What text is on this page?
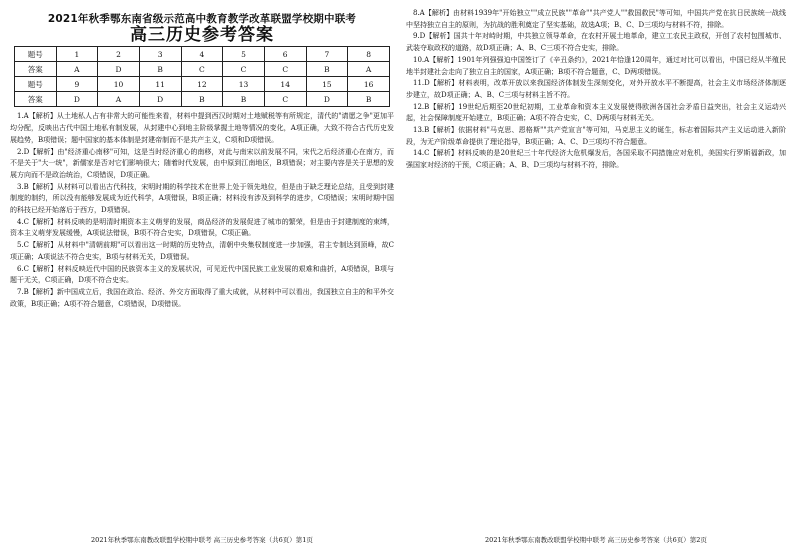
2021年秋季鄂东南省级示范高中教育教学改革联盟学校期中联考
高三历史参考答案
题号	1	2	3	4	5	6	7	8
答案	A	D	B	C	C	C	B	A
题号	9	10	11	12	13	14	15	16
答案	D	A	D	B	B	C	D	B

1.A【解析】从土地私人占有非常大的可能性来看，材料中提到西汉时期对土地赋税等有所规定，清代的"请愿之争"更加平均分配，反映出古代中国土地私有制发展，从封建中心到地主阶级掌握土地等情况的变化，A项正确，大致不符合古代历史发展趋势，B项错误；题中国家的基本体制是封建帝制而不是共产主义，C项和D项错误。

2.D【解析】由"经济重心南移"可知，这是当时经济重心的南移，对此与南宋以前发展不同，宋代之后经济重心在南方，而不是关于"大一统"，新儒家是否对它们影响很大；随着时代发展，由中原到江南地区，B项错误；对主要内容是关于思想的发展方向而不是政治统治，C项错误，D项正确。

3.B【解析】从材料可以看出古代科技，宋明时期的科学技术在世界上处于领先地位，但是由于缺乏理论总结，且受到封建制度的制约，所以没有能够发展成为近代科学，A项错误，B项正确；材料没有涉及到科学的进步，C项错误；宋明时期中国的科技已经开始落后于西方，D项错误。

4.C【解析】材料反映的是明清时期资本主义萌芽的发展，商品经济的发展促进了城市的繁荣，但是由于封建制度的束缚，资本主义萌芽发展缓慢，A项说法错误，B项不符合史实，D项错误，C项正确。

5.C【解析】从材料中"清朝前期"可以看出这一时期的历史特点，清朝中央集权制度进一步加强，君主专制达到顶峰，故C项正确；A项说法不符合史实，B项与材料无关，D项错误。

6.C【解析】材料反映近代中国的民族资本主义的发展状况，可见近代中国民族工业发展的艰难和曲折，A项错误，B项与题干无关，C项正确，D项不符合史实。

7.B【解析】新中国成立后，我国在政治、经济、外交方面取得了重大成就，从材料中可以看出，我国独立自主的和平外交政策，B项正确；A项不符合题意，C项错误，D项错误。

8.A【解析】由材料1939年"开始独立""成立民族""革命""共产党人""救国救民"等可知，中国共产党在抗日民族统一战线中坚持独立自主的原则，为抗战的胜利奠定了坚实基础，故选A项；B、C、D三项均与材料不符，排除。

9.D【解析】国共十年对峙时期，中共独立领导革命，在农村开展土地革命，建立工农民主政权，开创了农村包围城市、武装夺取政权的道路，故D项正确；A、B、C三项不符合史实，排除。

10.A【解析】1901年列强强迫中国签订了《辛丑条约》，2021年恰逢120周年，通过对比可以看出，中国已经从半殖民地半封建社会走向了独立自主的国家，A项正确；B项不符合题意，C、D两项错误。

11.D【解析】材料表明，改革开放以来我国经济体制发生深刻变化，对外开放水平不断提高，社会主义市场经济体制逐步建立，故D项正确；A、B、C三项与材料主旨不符。

12.B【解析】19世纪后期至20世纪初期，工业革命和资本主义发展使得欧洲各国社会矛盾日益突出，社会主义运动兴起，社会保障制度开始建立，B项正确；A项不符合史实，C、D两项与材料无关。

13.B【解析】依据材料"马克思、恩格斯""共产党宣言"等可知，马克思主义的诞生，标志着国际共产主义运动进入新阶段，为无产阶级革命提供了理论指导，B项正确；A、C、D三项均不符合题意。

14.C【解析】材料反映的是20世纪三十年代经济大危机爆发后，各国采取不同措施应对危机，美国实行罗斯福新政，加强国家对经济的干预，C项正确；A、B、D三项均与材料不符，排除。

2021年秋季鄂东南教改联盟学校期中联考 高三历史参考答案（共6页）第1页	2021年秋季鄂东南教改联盟学校期中联考 高三历史参考答案（共6页）第2页
